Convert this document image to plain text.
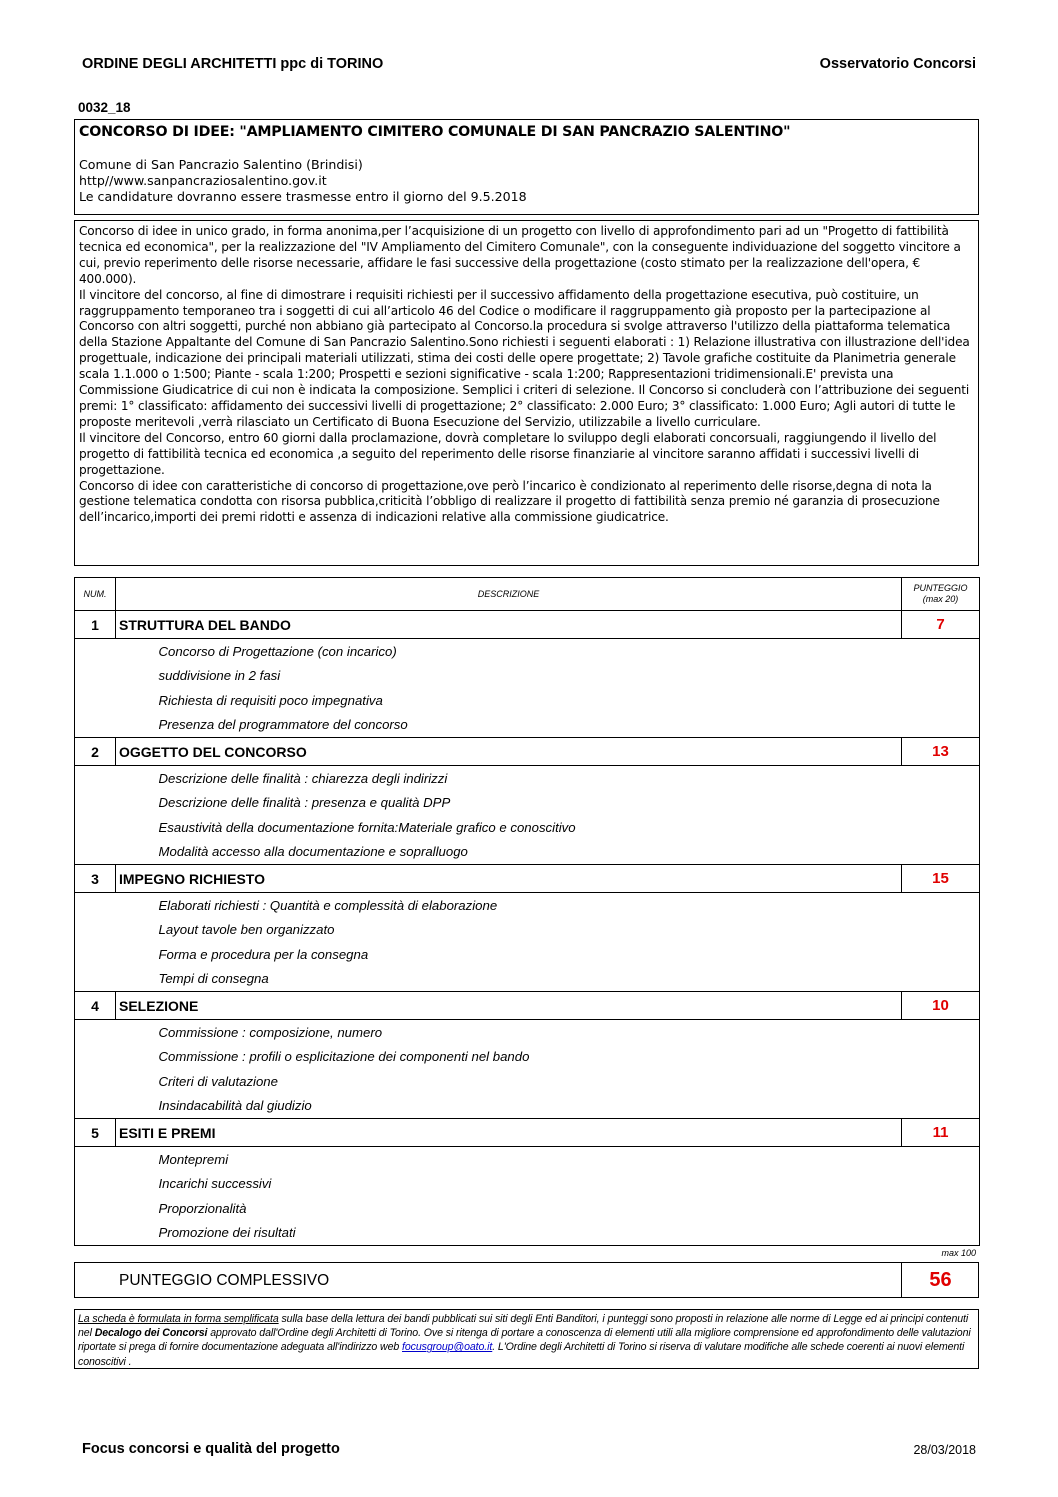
ORDINE DEGLI ARCHITETTI ppc di TORINO	Osservatorio Concorsi
0032_18
CONCORSO DI IDEE: "AMPLIAMENTO CIMITERO COMUNALE DI SAN PANCRAZIO SALENTINO"
Comune di San Pancrazio Salentino (Brindisi)
http//www.sanpancraziosalentino.gov.it
Le candidature dovranno essere trasmesse entro il giorno del 9.5.2018

Concorso di idee in unico grado, in forma anonima,per l’acquisizione di un progetto con livello di approfondimento pari ad un "Progetto di fattibilità tecnica ed economica", per la realizzazione del "IV Ampliamento del Cimitero Comunale", con la conseguente individuazione del soggetto vincitore a cui, previo reperimento delle risorse necessarie, affidare le fasi successive della progettazione (costo stimato per la realizzazione dell'opera, € 400.000).

Il vincitore del concorso, al fine di dimostrare i requisiti richiesti per il successivo affidamento della progettazione esecutiva, può costituire, un raggruppamento temporaneo tra i soggetti di cui all’articolo 46 del Codice o modificare il raggruppamento già proposto per la partecipazione al Concorso con altri soggetti, purché non abbiano già partecipato al Concorso.la procedura si svolge attraverso l'utilizzo della piattaforma telematica della Stazione Appaltante del Comune di San Pancrazio Salentino.Sono richiesti i seguenti elaborati : 1) Relazione illustrativa con illustrazione dell'idea progettuale, indicazione dei principali materiali utilizzati, stima dei costi delle opere progettate; 2) Tavole grafiche costituite da Planimetria generale scala 1.1.000 o 1:500; Piante - scala 1:200; Prospetti e sezioni significative - scala 1:200; Rappresentazioni tridimensionali.E' prevista una Commissione Giudicatrice di cui non è indicata la composizione. Semplici i criteri di selezione. Il Concorso si concluderà con l’attribuzione dei seguenti premi: 1° classificato: affidamento dei successivi livelli di progettazione; 2° classificato: 2.000 Euro; 3° classificato: 1.000 Euro; Agli autori di tutte le proposte meritevoli ,verrà rilasciato un Certificato di Buona Esecuzione del Servizio, utilizzabile a livello curriculare.

Il vincitore del Concorso, entro 60 giorni dalla proclamazione, dovrà completare lo sviluppo degli elaborati concorsuali, raggiungendo il livello del progetto di fattibilità tecnica ed economica ,a seguito del reperimento delle risorse finanziarie al vincitore saranno affidati i successivi livelli di progettazione.

Concorso di idee con caratteristiche di concorso di progettazione,ove però l’incarico è condizionato al reperimento delle risorse,degna di nota la gestione telematica condotta con risorsa pubblica,criticità l’obbligo di realizzare il progetto di fattibilità senza premio né garanzia di prosecuzione dell’incarico,importi dei premi ridotti e assenza di indicazioni relative alla commissione giudicatrice.

NUM.	DESCRIZIONE	PUNTEGGIO
(max 20)
1	STRUTTURA DEL BANDO	7
	Concorso di Progettazione (con incarico)	
	suddivisione in 2 fasi	
	Richiesta di requisiti poco impegnativa	
	Presenza del programmatore del concorso	
2	OGGETTO DEL CONCORSO	13
	Descrizione delle finalità : chiarezza degli indirizzi	
	Descrizione delle finalità : presenza e qualità DPP	
	Esaustività della documentazione fornita:Materiale grafico e conoscitivo	
	Modalità accesso alla documentazione e sopralluogo	
3	IMPEGNO RICHIESTO	15
	Elaborati richiesti : Quantità e complessità di elaborazione	
	Layout tavole ben organizzato	
	Forma e procedura per la consegna	
	Tempi di consegna	
4	SELEZIONE	10
	Commissione : composizione, numero	
	Commissione : profili o esplicitazione dei componenti nel bando	
	Criteri di valutazione	
	Insindacabilità dal giudizio	
5	ESITI E PREMI	11
	Montepremi	
	Incarichi successivi	
	Proporzionalità	
	Promozione dei risultati	
max 100
PUNTEGGIO COMPLESSIVO	56
La scheda è formulata in forma semplificata sulla base della lettura dei bandi pubblicati sui siti degli Enti Banditori, i punteggi sono proposti in relazione alle norme di Legge ed ai principi contenuti nel Decalogo dei Concorsi approvato dall'Ordine degli Architetti di Torino. Ove si ritenga di portare a conoscenza di elementi utili alla migliore comprensione ed approfondimento delle valutazioni riportate si prega di fornire documentazione adeguata all'indirizzo web focusgroup@oato.it. L'Ordine degli Architetti di Torino si riserva di valutare modifiche alle schede coerenti ai nuovi elementi conoscitivi .
Focus concorsi e qualità del progetto	28/03/2018
